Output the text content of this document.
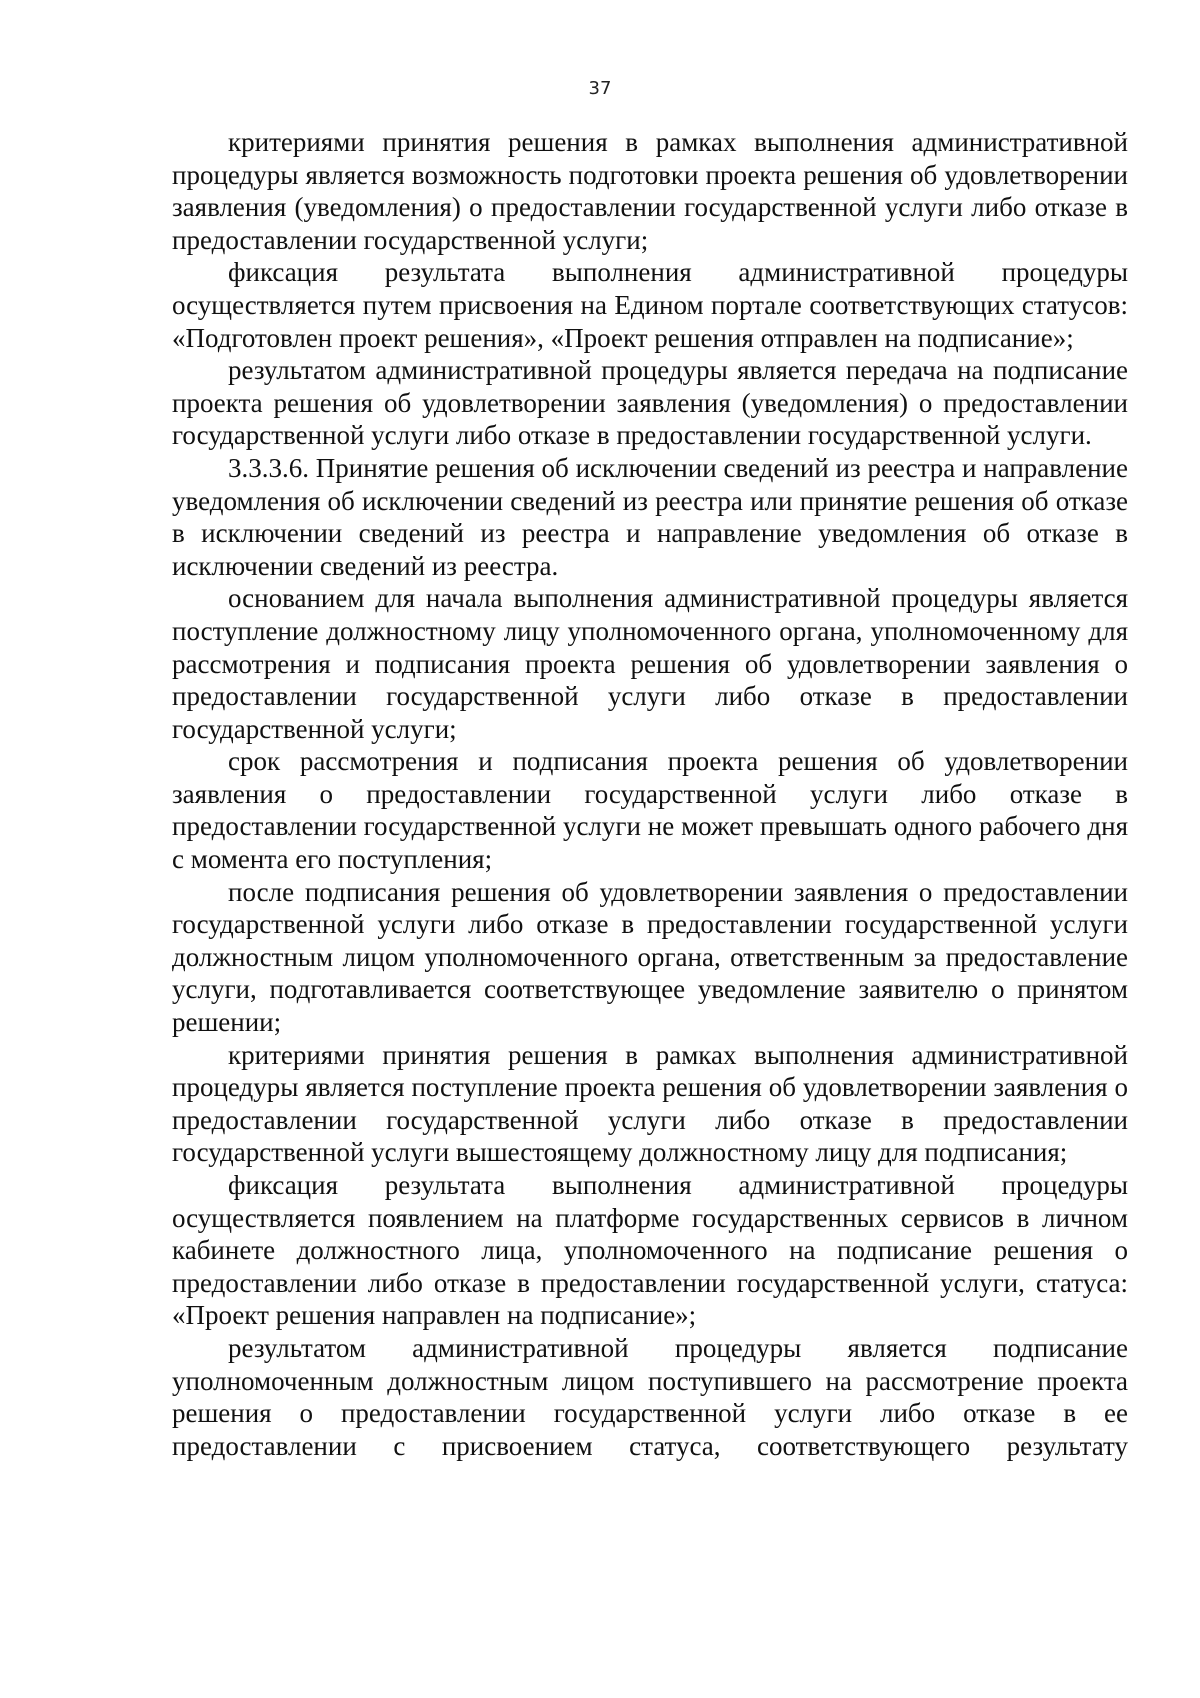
37

критериями принятия решения в рамках выполнения административной процедуры является возможность подготовки проекта решения об удовлетворении заявления (уведомления) о предоставлении государственной услуги либо отказе в предоставлении государственной услуги;

фиксация результата выполнения административной процедуры осуществляется путем присвоения на Едином портале соответствующих статусов: «Подготовлен проект решения», «Проект решения отправлен на подписание»;

результатом административной процедуры является передача на подписание проекта решения об удовлетворении заявления (уведомления) о предоставлении государственной услуги либо отказе в предоставлении государственной услуги.

3.3.3.6. Принятие решения об исключении сведений из реестра и направление уведомления об исключении сведений из реестра или принятие решения об отказе в исключении сведений из реестра и направление уведомления об отказе в исключении сведений из реестра.

основанием для начала выполнения административной процедуры является поступление должностному лицу уполномоченного органа, уполномоченному для рассмотрения и подписания проекта решения об удовлетворении заявления о предоставлении государственной услуги либо отказе в предоставлении государственной услуги;

срок рассмотрения и подписания проекта решения об удовлетворении заявления о предоставлении государственной услуги либо отказе в предоставлении государственной услуги не может превышать одного рабочего дня с момента его поступления;

после подписания решения об удовлетворении заявления о предоставлении государственной услуги либо отказе в предоставлении государственной услуги должностным лицом уполномоченного органа, ответственным за предоставление услуги, подготавливается соответствующее уведомление заявителю о принятом решении;

критериями принятия решения в рамках выполнения административной процедуры является поступление проекта решения об удовлетворении заявления о предоставлении государственной услуги либо отказе в предоставлении государственной услуги вышестоящему должностному лицу для подписания;

фиксация результата выполнения административной процедуры осуществляется появлением на платформе государственных сервисов в личном кабинете должностного лица, уполномоченного на подписание решения о предоставлении либо отказе в предоставлении государственной услуги, статуса: «Проект решения направлен на подписание»;

результатом административной процедуры является подписание уполномоченным должностным лицом поступившего на рассмотрение проекта решения о предоставлении государственной услуги либо отказе в ее предоставлении с присвоением статуса, соответствующего результату
